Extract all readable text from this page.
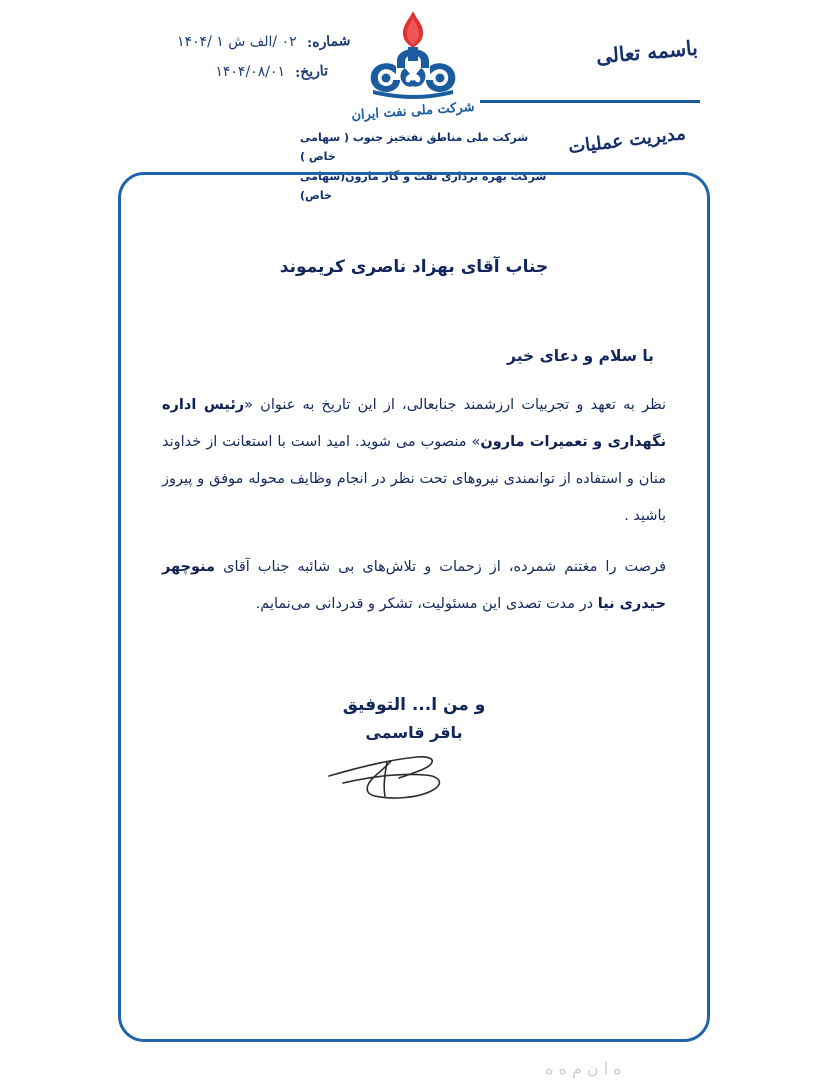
باسمه تعالی
شماره:
۰۲ /الف ش ۱ /۱۴۰۴
تاریخ:
۱۴۰۴/۰۸/۰۱
شرکت ملی نفت ایران
شرکت ملی مناطق نفتخیز جنوب ( سهامی خاص )
شرکت بهره برداری نفت و گاز مارون(سهامی خاص)
مدیریت عملیات
جناب آقای بهزاد ناصری کریموند
با سلام و دعای خیر

نظر به تعهد و تجربیات ارزشمند جنابعالی، از این تاریخ به عنوان «رئیس اداره نگهداری و تعمیرات مارون» منصوب می شوید. امید است با استعانت از خداوند منان و استفاده از توانمندی نیروهای تحت نظر در انجام وظایف محوله موفق و پیروز باشید .

فرصت را مغتنم شمرده، از زحمات و تلاش‌های بی شائبه جناب آقای منوچهر حیدری نیا در مدت تصدی این مسئولیت، تشکر و قدردانی می‌نمایم.

و من ا... التوفیق
باقر قاسمی
ه ا ن م ه ه
